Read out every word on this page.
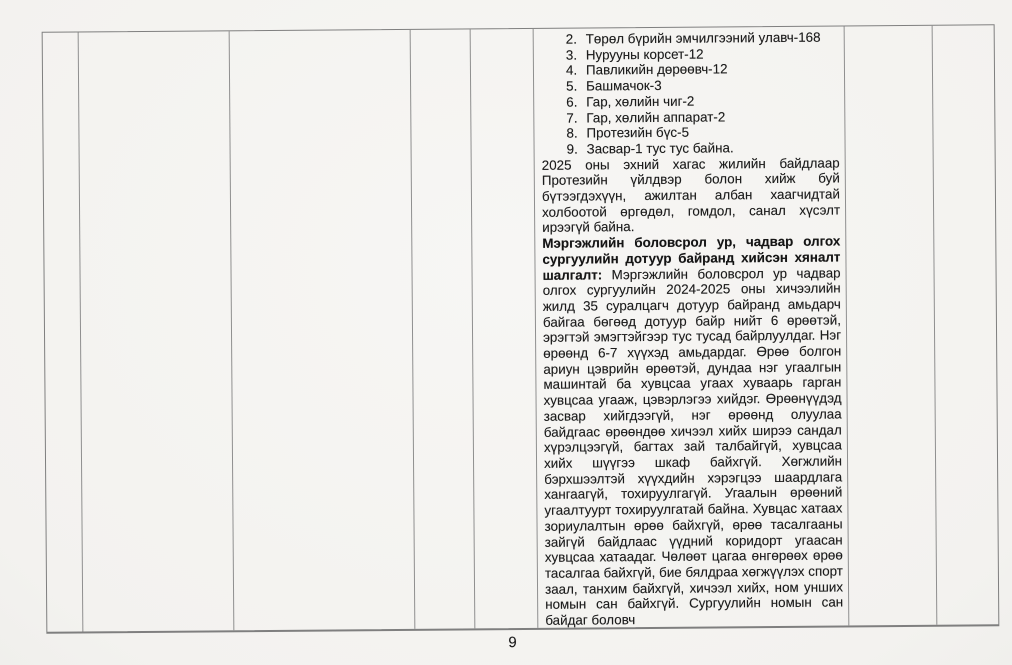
2. Төрөл бүрийн эмчилгээний улавч-168
3. Нурууны корсет-12
4. Павликийн дөрөөвч-12
5. Башмачок-3
6. Гар, хөлийн чиг-2
7. Гар, хөлийн аппарат-2
8. Протезийн бүс-5
9. Засвар-1 тус тус байна.

2025 оны эхний хагас жилийн байдлаар Протезийн үйлдвэр болон хийж буй бүтээгдэхүүн, ажилтан албан хаагчидтай холбоотой өргөдөл, гомдол, санал хүсэлт ирээгүй байна.

Мэргэжлийн боловсрол ур, чадвар олгох сургуулийн дотуур байранд хийсэн хяналт шалгалт: Мэргэжлийн боловсрол ур чадвар олгох сургуулийн 2024-2025 оны хичээлийн жилд 35 суралцагч дотуур байранд амьдарч байгаа бөгөөд дотуур байр нийт 6 өрөөтэй, эрэгтэй эмэгтэйгээр тус тусад байрлуулдаг. Нэг өрөөнд 6-7 хүүхэд амьдардаг. Өрөө болгон ариун цэврийн өрөөтэй, дундаа нэг угаалгын машинтай ба хувцсаа угаах хуваарь гарган хувцсаа угааж, цэвэрлэгээ хийдэг. Өрөөнүүдэд засвар хийгдээгүй, нэг өрөөнд олуулаа байдгаас өрөөндөө хичээл хийх ширээ сандал хүрэлцээгүй, багтах зай талбайгүй, хувцсаа хийх шүүгээ шкаф байхгүй. Хөгжлийн бэрхшээлтэй хүүхдийн хэрэгцээ шаардлага хангаагүй, тохируулгагүй. Угаалын өрөөний угаалтуурт тохируулгатай байна. Хувцас хатаах зориулалтын өрөө байхгүй, өрөө тасалгааны зайгүй байдлаас үүдний коридорт угаасан хувцсаа хатаадаг. Чөлөөт цагаа өнгөрөөх өрөө тасалгаа байхгүй, бие бялдраа хөгжүүлэх спорт заал, танхим байхгүй, хичээл хийх, ном унших номын сан байхгүй. Сургуулийн номын сан байдаг боловч

9
